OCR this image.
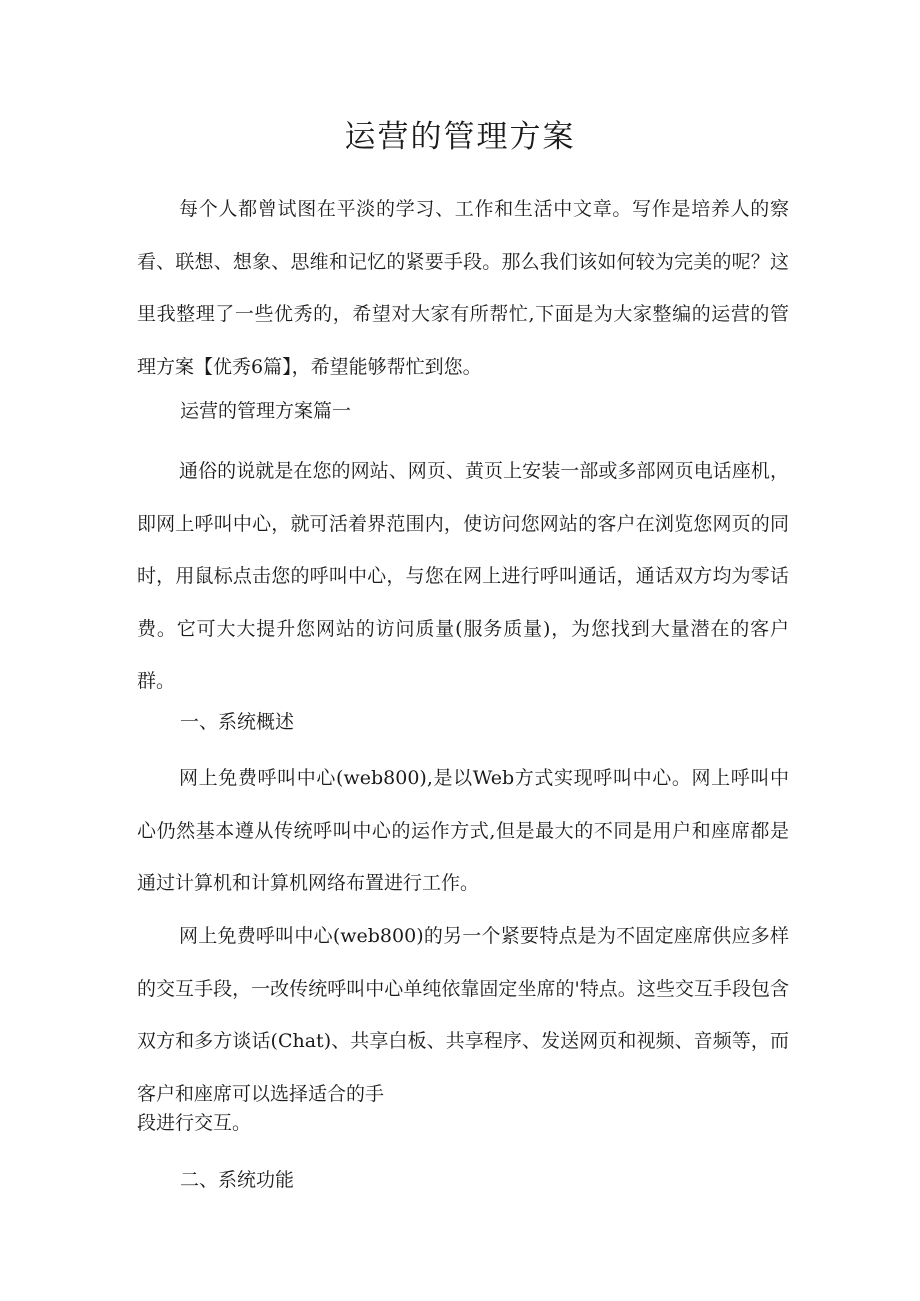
运营的管理方案

每个人都曾试图在平淡的学习、工作和生活中文章。写作是培养人的察看、联想、想象、思维和记忆的紧要手段。那么我们该如何较为完美的呢？这里我整理了一些优秀的，希望对大家有所帮忙,下面是为大家整编的运营的管理方案【优秀6篇】，希望能够帮忙到您。

运营的管理方案篇一

通俗的说就是在您的网站、网页、黄页上安装一部或多部网页电话座机，即网上呼叫中心，就可活着界范围内，使访问您网站的客户在浏览您网页的同时，用鼠标点击您的呼叫中心，与您在网上进行呼叫通话，通话双方均为零话费。它可大大提升您网站的访问质量(服务质量)，为您找到大量潜在的客户群。

一、系统概述

网上免费呼叫中心(web800),是以Web方式实现呼叫中心。网上呼叫中心仍然基本遵从传统呼叫中心的运作方式,但是最大的不同是用户和座席都是通过计算机和计算机网络布置进行工作。

网上免费呼叫中心(web800)的另一个紧要特点是为不固定座席供应多样的交互手段，一改传统呼叫中心单纯依靠固定坐席的'特点。这些交互手段包含双方和多方谈话(Chat)、共享白板、共享程序、发送网页和视频、音频等，而客户和座席可以选择适合的手

段进行交互。

二、系统功能
